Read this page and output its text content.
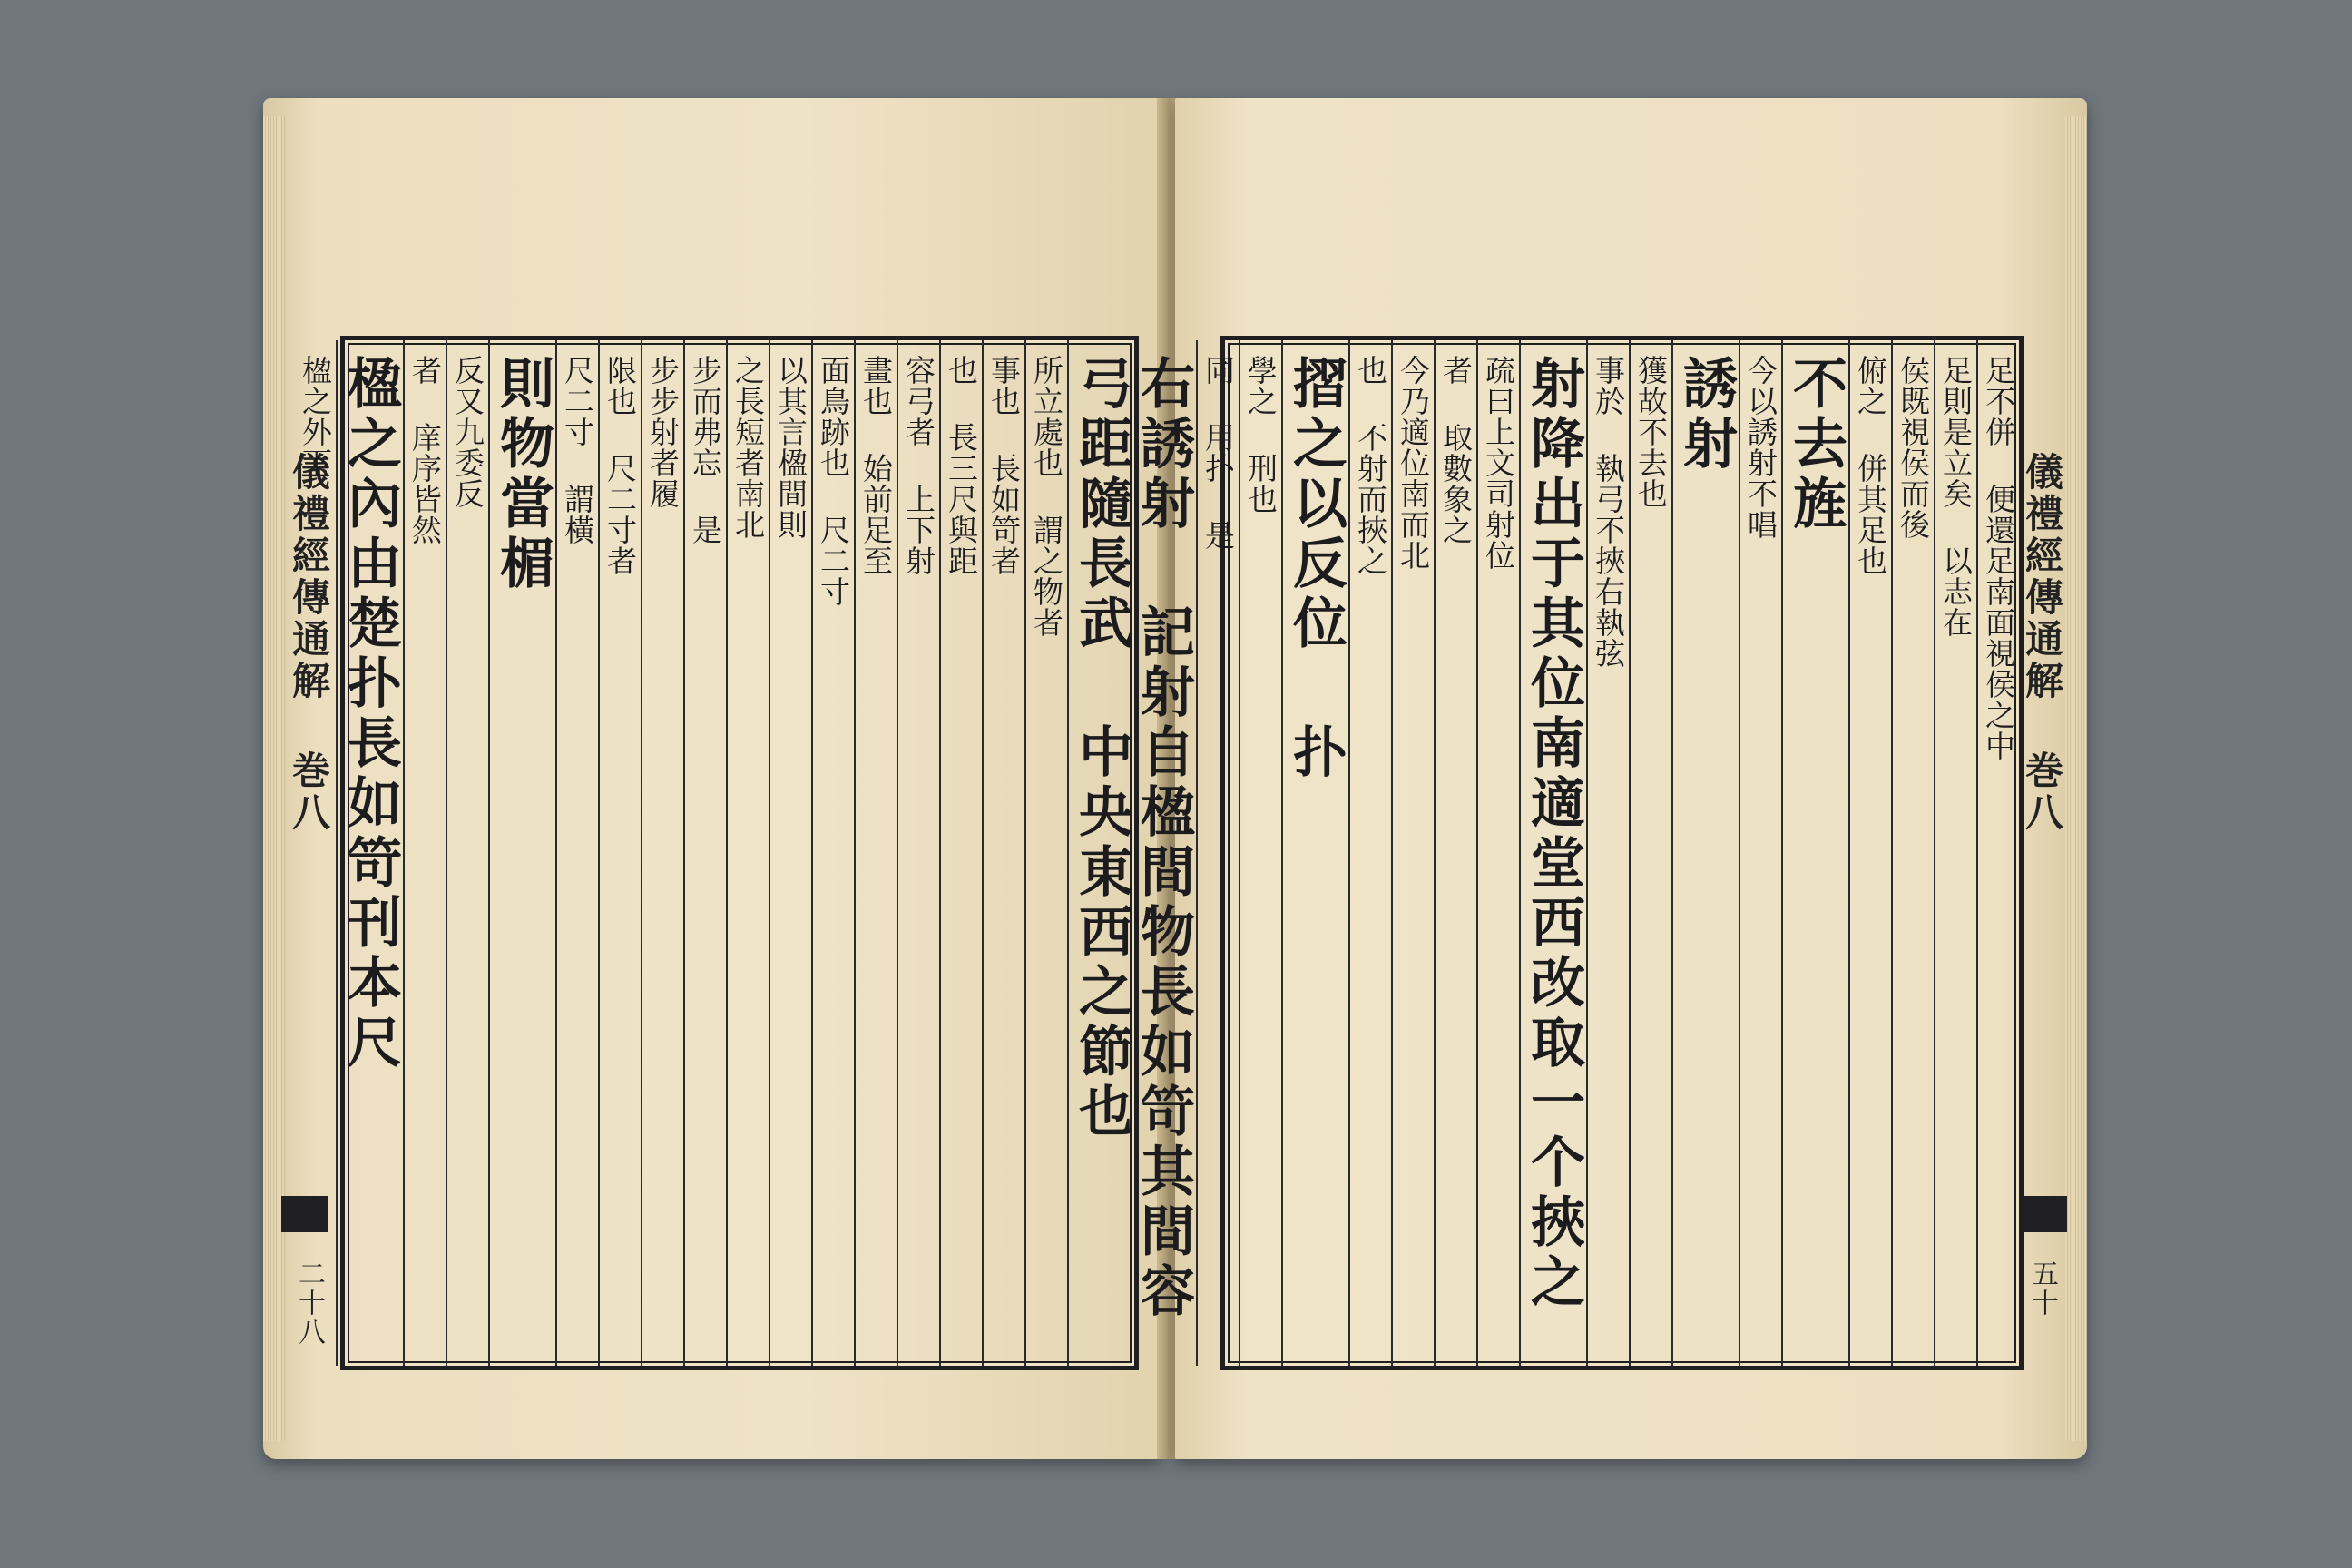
儀禮經傳通解 巻八
二十八
弓距隨長武 中央東西之節也
所立處也 謂之物者
事也 長如笴者
也 長三尺與距
容弓者 上下射
畫也 始前足至
面鳥跡也 尺二寸
以其言楹間則
之長短者南北
步而弗忘 是
步步射者履
限也 尺二寸者
尺二寸 謂橫
則物當楣
反又九委反
者 庠序皆然
楹之內由楚扑長如笴刊本尺
楹之外下
儀禮經傳通解 巻八
五十
足不併 便還足南面視侯之中
足則是立矣 以志在
侯既視侯而後
俯之 併其足也
不去旌
今以誘射不唱
誘射
獲故不去也
事於 執弓不挾右執弦
射降出于其位南適堂西改取一个挾之
疏曰上文司射位
者 取數象之
今乃適位南而北
也 不射而挾之
摺之以反位 扑
學之 刑也
同 用扑 是
右誘射 記射自楹間物長如笴其間容
